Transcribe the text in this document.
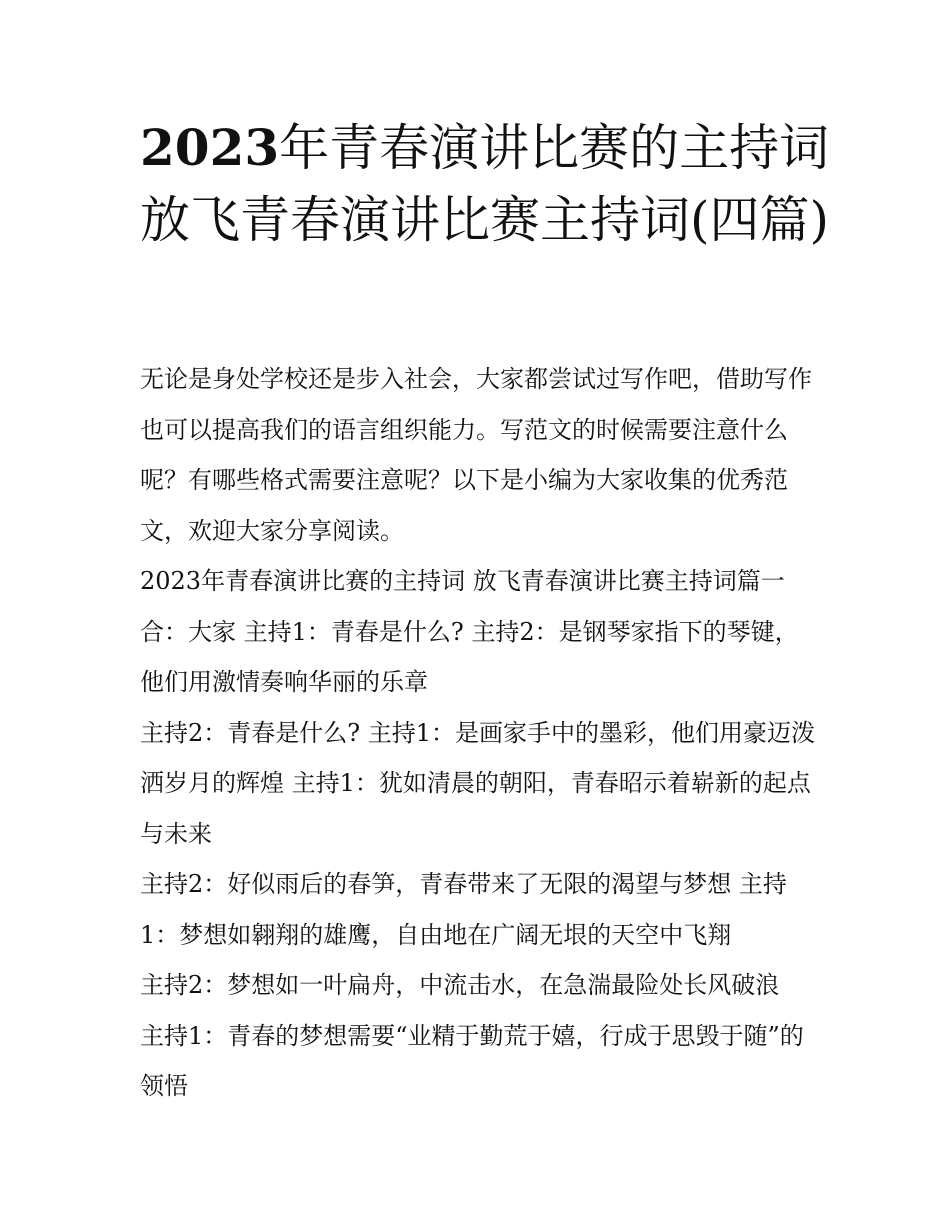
2023年青春演讲比赛的主持词 放飞青春演讲比赛主持词(四篇)

无论是身处学校还是步入社会，大家都尝试过写作吧，借助写作也可以提高我们的语言组织能力。写范文的时候需要注意什么呢？有哪些格式需要注意呢？以下是小编为大家收集的优秀范文，欢迎大家分享阅读。

2023年青春演讲比赛的主持词 放飞青春演讲比赛主持词篇一

合：大家 主持1：青春是什么? 主持2：是钢琴家指下的琴键，他们用激情奏响华丽的乐章

主持2：青春是什么? 主持1：是画家手中的墨彩，他们用豪迈泼洒岁月的辉煌 主持1：犹如清晨的朝阳，青春昭示着崭新的起点与未来

主持2：好似雨后的春笋，青春带来了无限的渴望与梦想 主持1：梦想如翱翔的雄鹰，自由地在广阔无垠的天空中飞翔

主持2：梦想如一叶扁舟，中流击水，在急湍最险处长风破浪

主持1：青春的梦想需要“业精于勤荒于嬉，行成于思毁于随”的领悟
